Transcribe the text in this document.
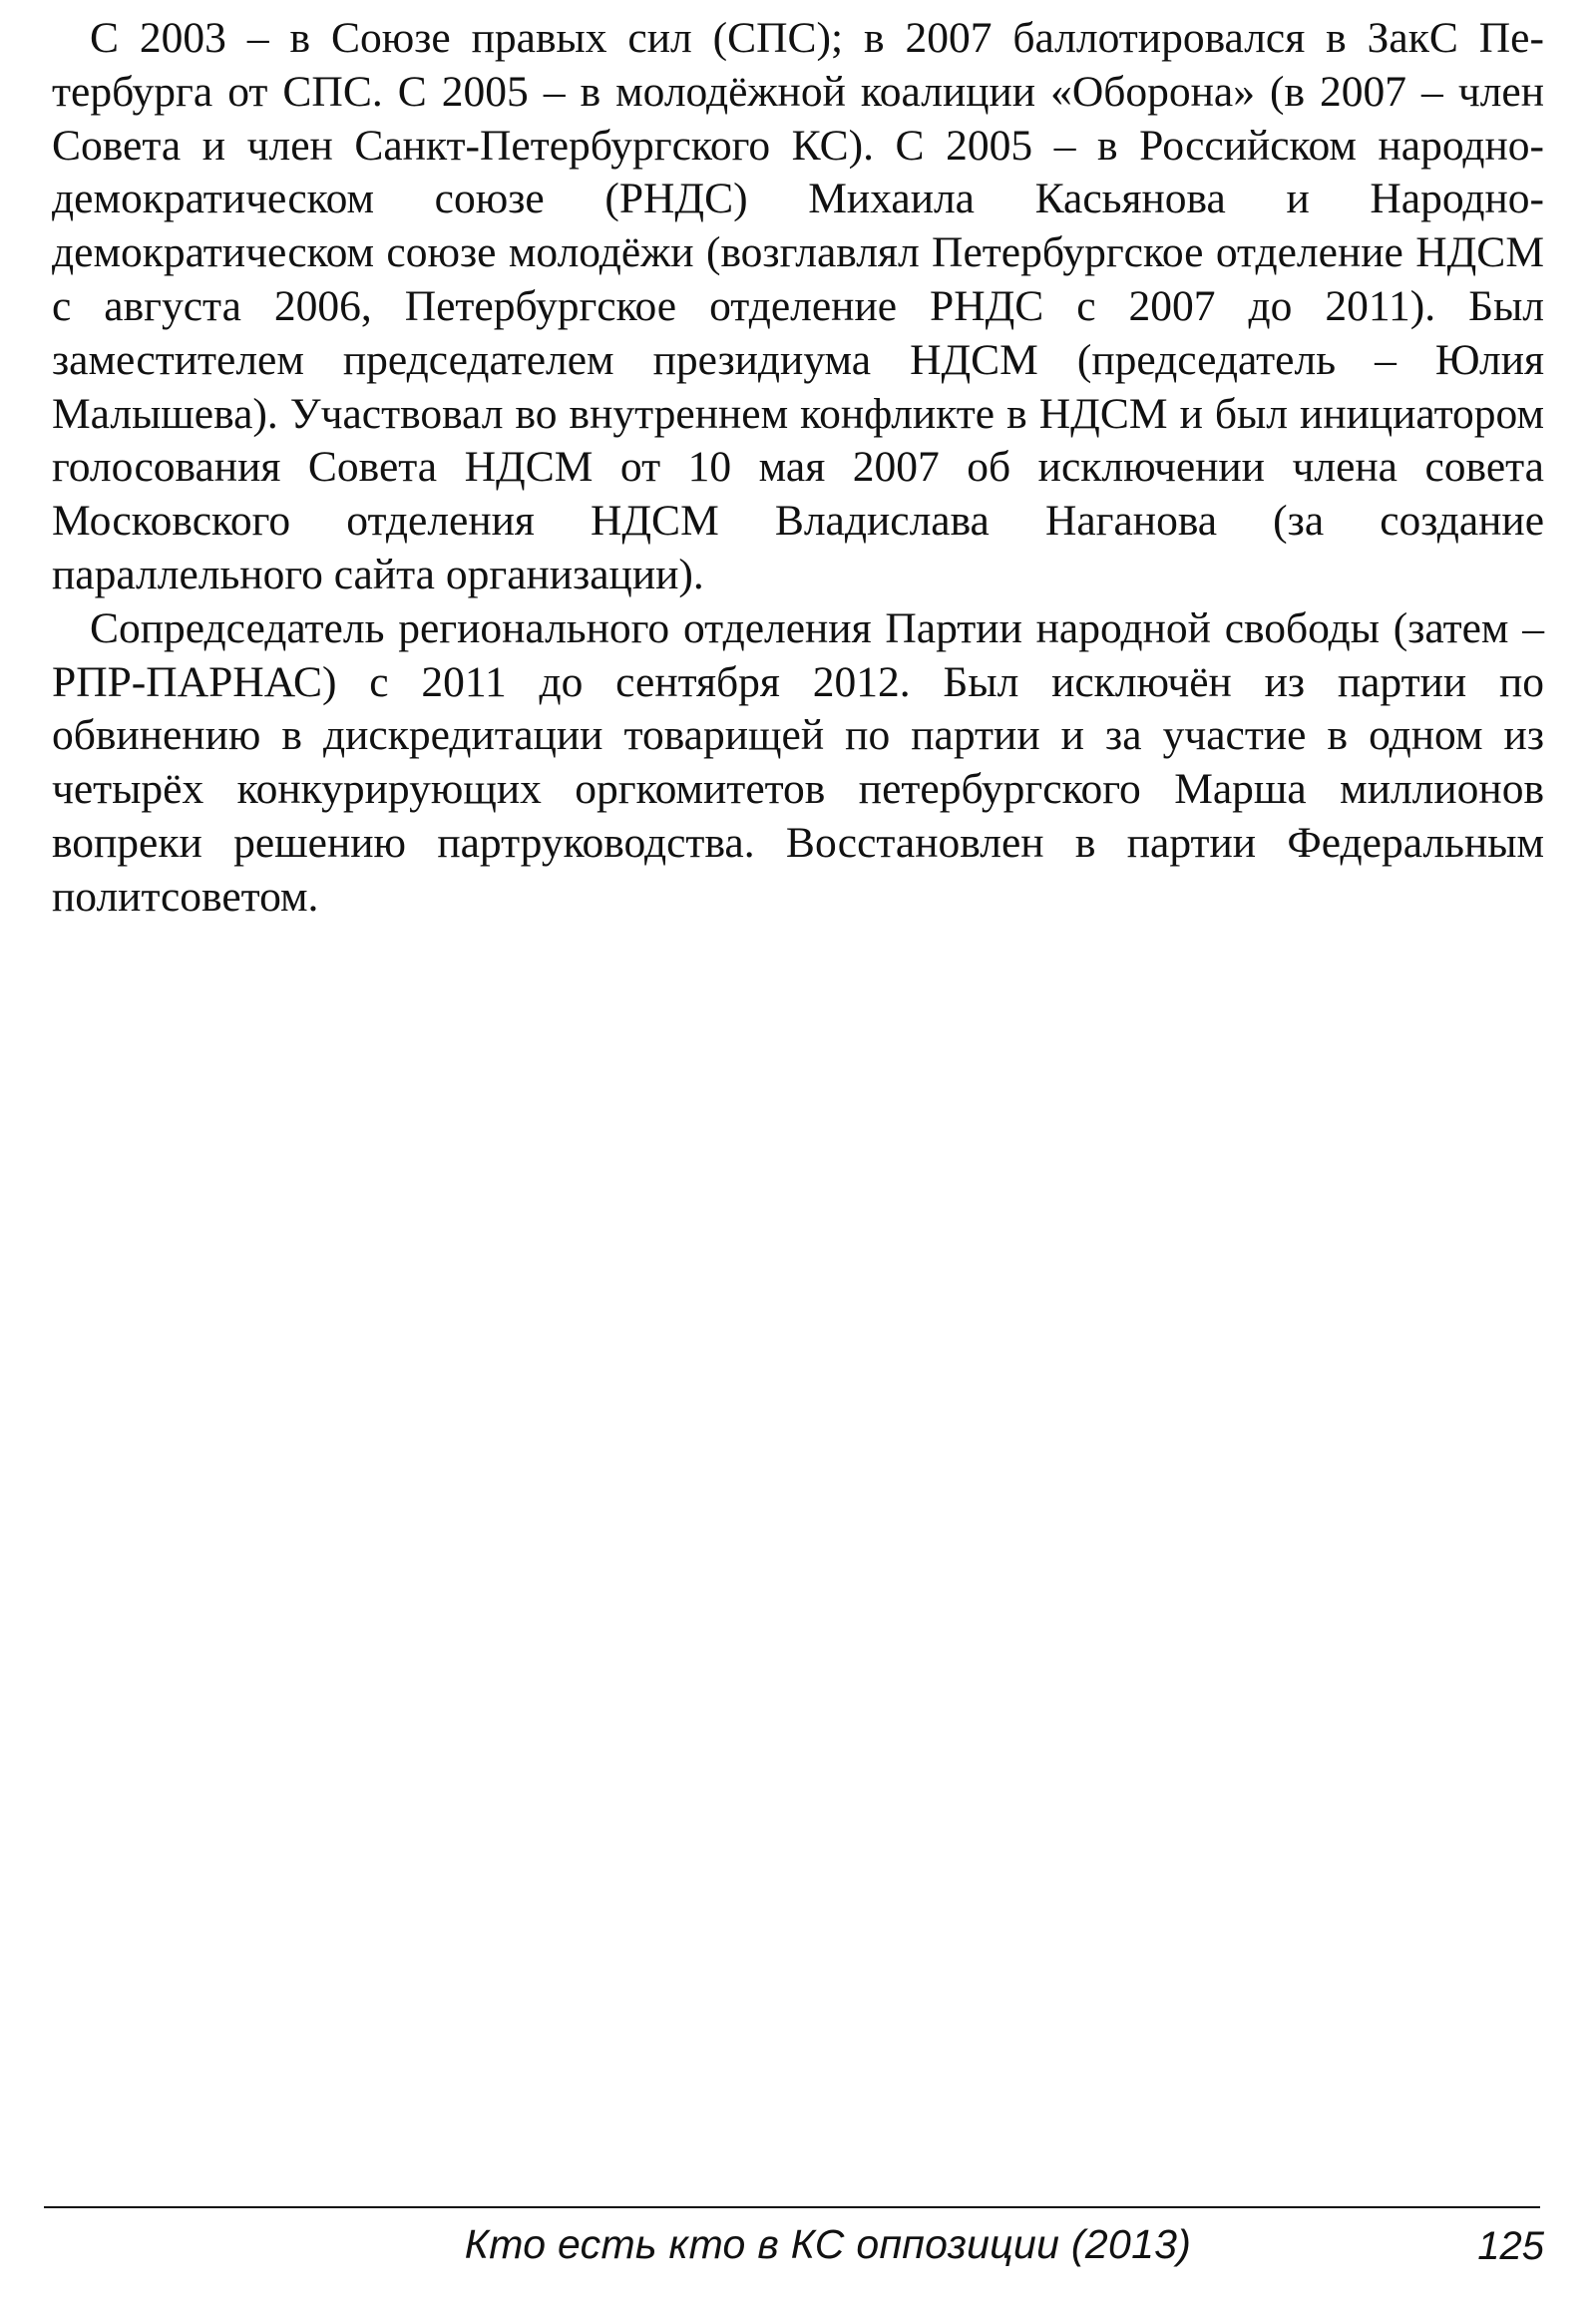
С 2003 – в Союзе правых сил (СПС); в 2007 баллотировался в ЗакС Петербурга от СПС. С 2005 – в молодёжной коалиции «Оборона» (в 2007 – член Совета и член Санкт-Петербургского КС). С 2005 – в Российском народно-демократическом союзе (РНДС) Михаила Касьянова и Народно-демократическом союзе молодёжи (возглавлял Петербургское отделение НДСМ с августа 2006, Петербургское отделение РНДС с 2007 до 2011). Был заместителем председателем президиума НДСМ (председатель – Юлия Малышева). Участвовал во внутреннем конфликте в НДСМ и был инициатором голосования Совета НДСМ от 10 мая 2007 об исключении члена совета Московского отделения НДСМ Владислава Наганова (за создание параллельного сайта организации).

Сопредседатель регионального отделения Партии народной свободы (затем – РПР-ПАРНАС) с 2011 до сентября 2012. Был исключён из партии по обвинению в дискредитации товарищей по партии и за участие в одном из четырёх конкурирующих оргкомитетов петербургского Марша миллионов вопреки решению партруководства. Восстановлен в партии Федеральным политсоветом.

Кто есть кто в КС оппозиции (2013)	125
